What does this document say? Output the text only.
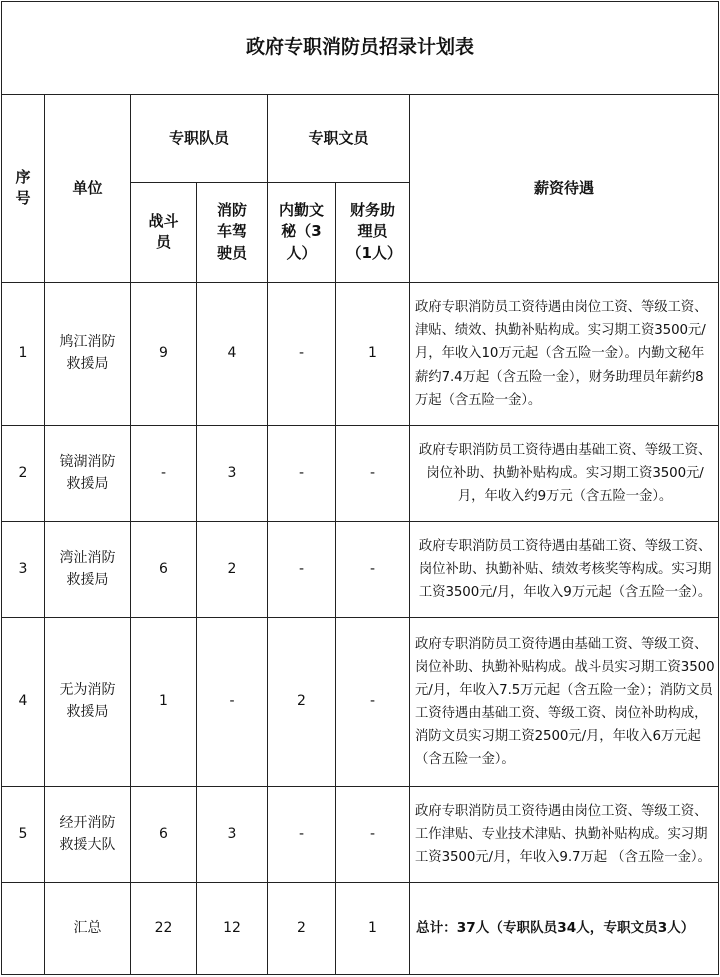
政府专职消防员招录计划表						
序号	单位	专职队员		专职文员		薪资待遇
		战斗员	消防车驾驶员	内勤文秘（3人）	财务助理员（1人）	
1	鸠江消防救援局	9	4	-	1	政府专职消防员工资待遇由岗位工资、等级工资、津贴、绩效、执勤补贴构成。实习期工资3500元/月，年收入10万元起（含五险一金）。内勤文秘年薪约7.4万起（含五险一金），财务助理员年薪约8万起（含五险一金）。
2	镜湖消防救援局	-	3	-	-	政府专职消防员工资待遇由基础工资、等级工资、岗位补助、执勤补贴构成。实习期工资3500元/月，年收入约9万元（含五险一金）。
3	湾沚消防救援局	6	2	-	-	政府专职消防员工资待遇由基础工资、等级工资、岗位补助、执勤补贴、绩效考核奖等构成。实习期工资3500元/月，年收入9万元起（含五险一金）。
4	无为消防救援局	1	-	2	-	政府专职消防员工资待遇由基础工资、等级工资、岗位补助、执勤补贴构成。战斗员实习期工资3500元/月，年收入7.5万元起（含五险一金）；消防文员工资待遇由基础工资、等级工资、岗位补助构成，消防文员实习期工资2500元/月，年收入6万元起（含五险一金）。
5	经开消防救援大队	6	3	-	-	政府专职消防员工资待遇由岗位工资、等级工资、工作津贴、专业技术津贴、执勤补贴构成。实习期工资3500元/月，年收入9.7万起 （含五险一金）。
	汇总	22	12	2	1	总计：37人（专职队员34人，专职文员3人）
